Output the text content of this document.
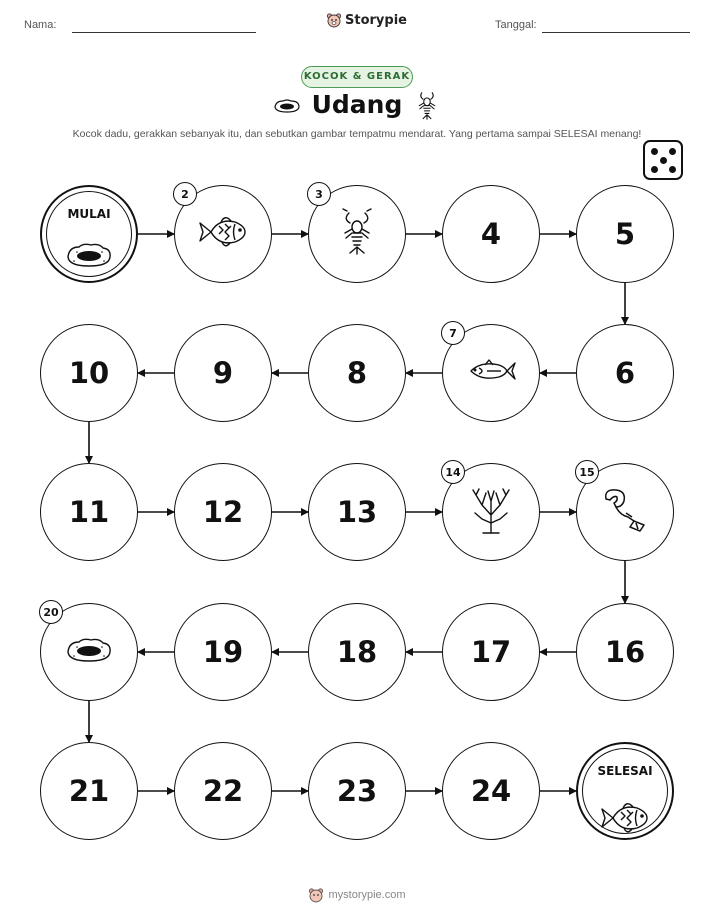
Nama:	Storypie	Tanggal:
KOCOK & GERAK
Udang
Kocok dadu, gerakkan sebanyak itu, dan sebutkan gambar tempatmu mendarat. Yang pertama sampai SELESAI menang!
MULAI
2	3
4	5
6
7
8
9
10
11	12	13
14	15
16
17
18
19
20
21	22	23	24
SELESAI
mystorypie.com
